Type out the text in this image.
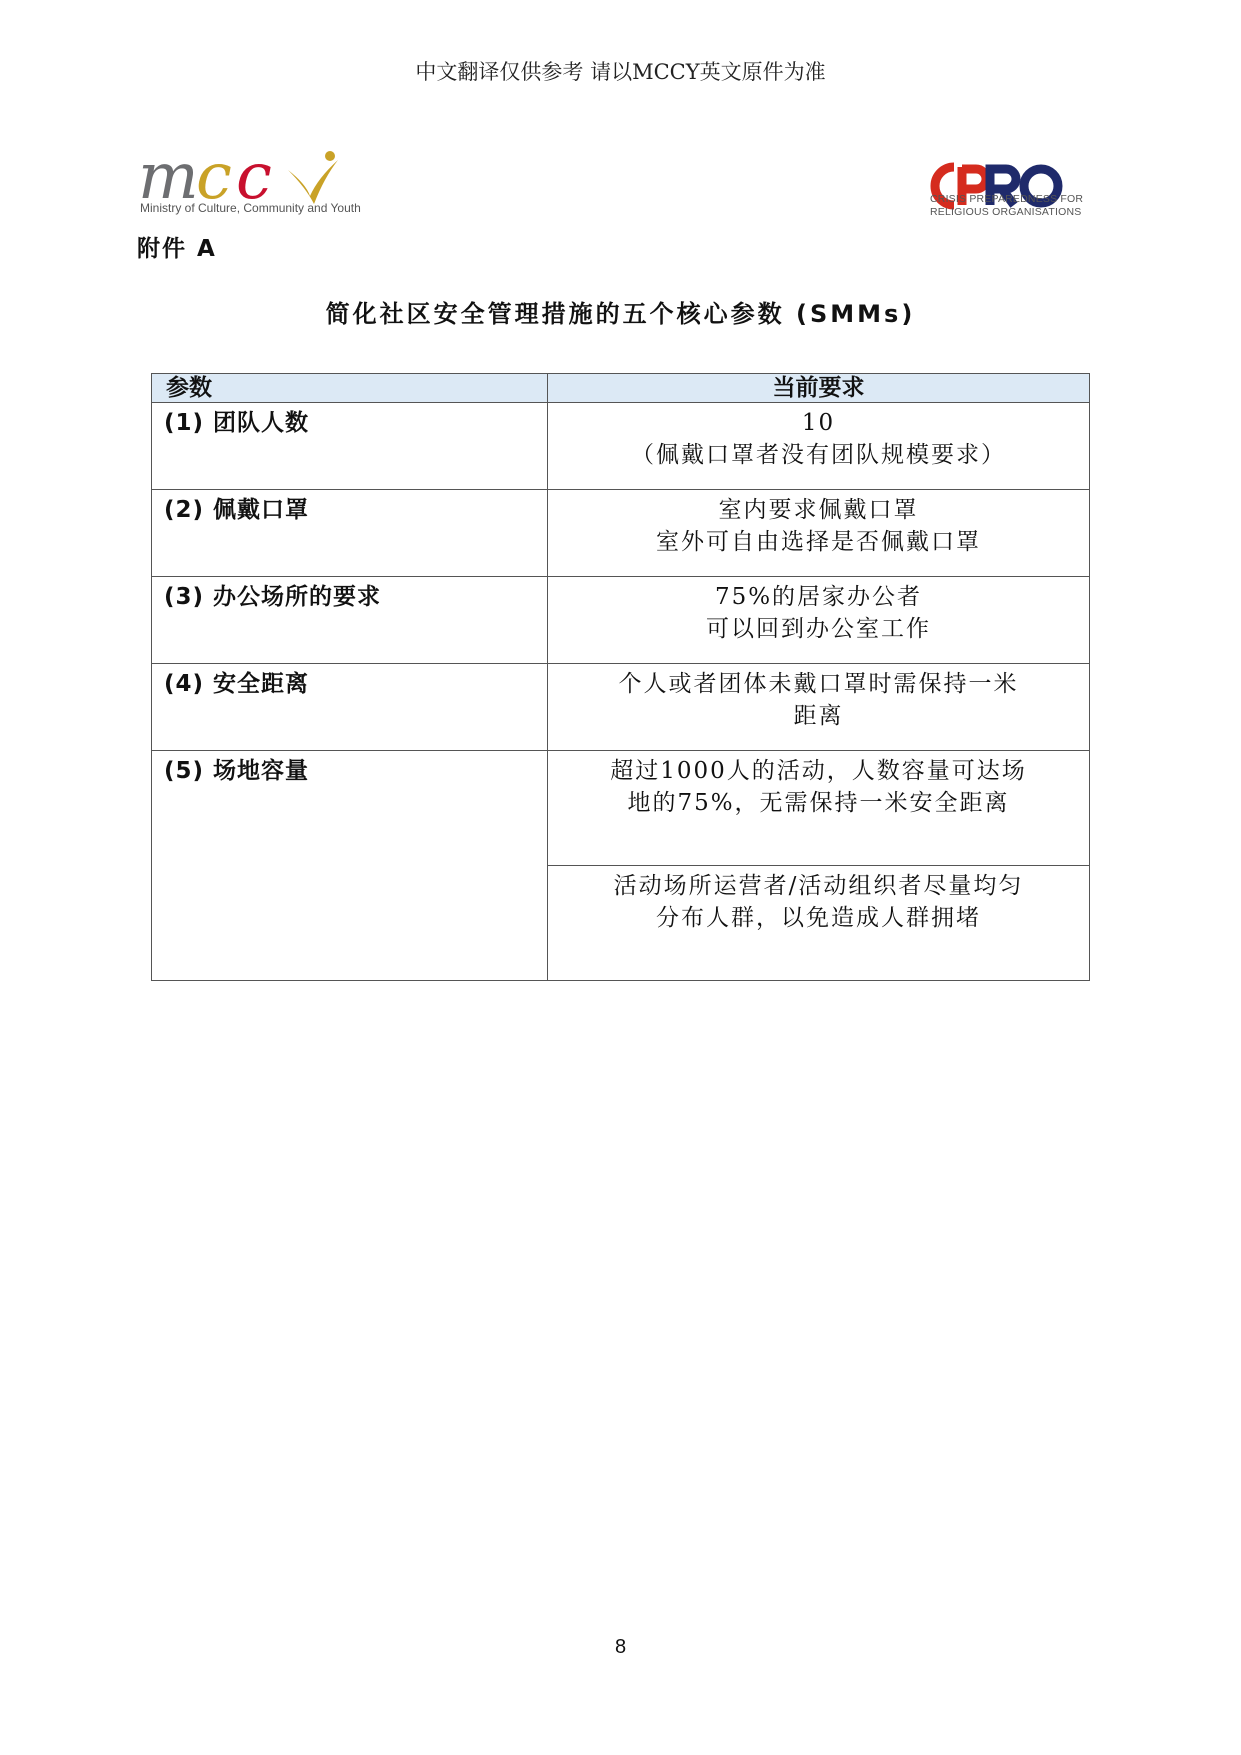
中文翻译仅供参考 请以MCCY英文原件为准
m
c c
Ministry of Culture, Community and Youth
CRISIS PREPAREDNESS FOR
RELIGIOUS ORGANISATIONS
附件 A
简化社区安全管理措施的五个核心参数 (SMMs)
参数	当前要求
(1) 团队人数	10
（佩戴口罩者没有团队规模要求）

(2) 佩戴口罩	室内要求佩戴口罩
室外可自由选择是否佩戴口罩

(3) 办公场所的要求	75%的居家办公者
可以回到办公室工作

(4) 安全距离	个人或者团体未戴口罩时需保持一米
距离

(5) 场地容量	超过1000人的活动，人数容量可达场
地的75%，无需保持一米安全距离

	活动场所运营者/活动组织者尽量均匀
分布人群，以免造成人群拥堵
8
